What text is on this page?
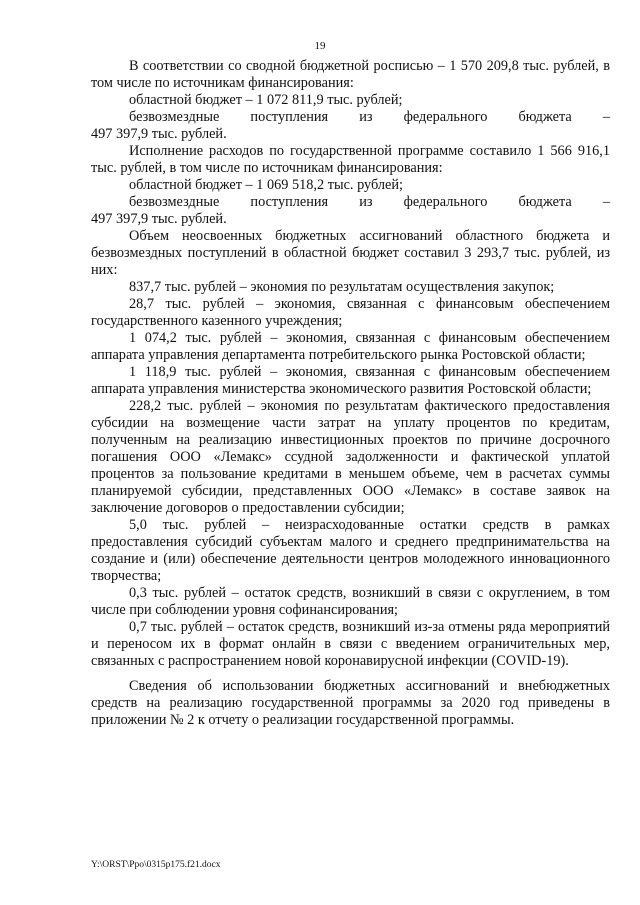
19

В соответствии со сводной бюджетной росписью – 1 570 209,8 тыс. рублей, в том числе по источникам финансирования:

областной бюджет – 1 072 811,9 тыс. рублей;

безвозмездные поступления из федерального бюджета –

497 397,9 тыс. рублей.

Исполнение расходов по государственной программе составило 1 566 916,1 тыс. рублей, в том числе по источникам финансирования:

областной бюджет – 1 069 518,2 тыс. рублей;

безвозмездные поступления из федерального бюджета –

497 397,9 тыс. рублей.

Объем неосвоенных бюджетных ассигнований областного бюджета и безвозмездных поступлений в областной бюджет составил 3 293,7 тыс. рублей, из них:

837,7 тыс. рублей – экономия по результатам осуществления закупок;

28,7 тыс. рублей – экономия, связанная с финансовым обеспечением государственного казенного учреждения;

1 074,2 тыс. рублей – экономия, связанная с финансовым обеспечением аппарата управления департамента потребительского рынка Ростовской области;

1 118,9 тыс. рублей – экономия, связанная с финансовым обеспечением аппарата управления министерства экономического развития Ростовской области;

228,2 тыс. рублей – экономия по результатам фактического предоставления субсидии на возмещение части затрат на уплату процентов по кредитам, полученным на реализацию инвестиционных проектов по причине досрочного погашения ООО «Лемакс» ссудной задолженности и фактической уплатой процентов за пользование кредитами в меньшем объеме, чем в расчетах суммы планируемой субсидии, представленных ООО «Лемакс» в составе заявок на заключение договоров о предоставлении субсидии;

5,0 тыс. рублей – неизрасходованные остатки средств в рамках предоставления субсидий субъектам малого и среднего предпринимательства на создание и (или) обеспечение деятельности центров молодежного инновационного творчества;

0,3 тыс. рублей – остаток средств, возникший в связи с округлением, в том числе при соблюдении уровня софинансирования;

0,7 тыс. рублей – остаток средств, возникший из-за отмены ряда мероприятий и переносом их в формат онлайн в связи с введением ограничительных мер, связанных с распространением новой коронавирусной инфекции (COVID-19).

Сведения об использовании бюджетных ассигнований и внебюджетных средств на реализацию государственной программы за 2020 год приведены в приложении № 2 к отчету о реализации государственной программы.

Y:\ORST\Ppo\0315p175.f21.docx
